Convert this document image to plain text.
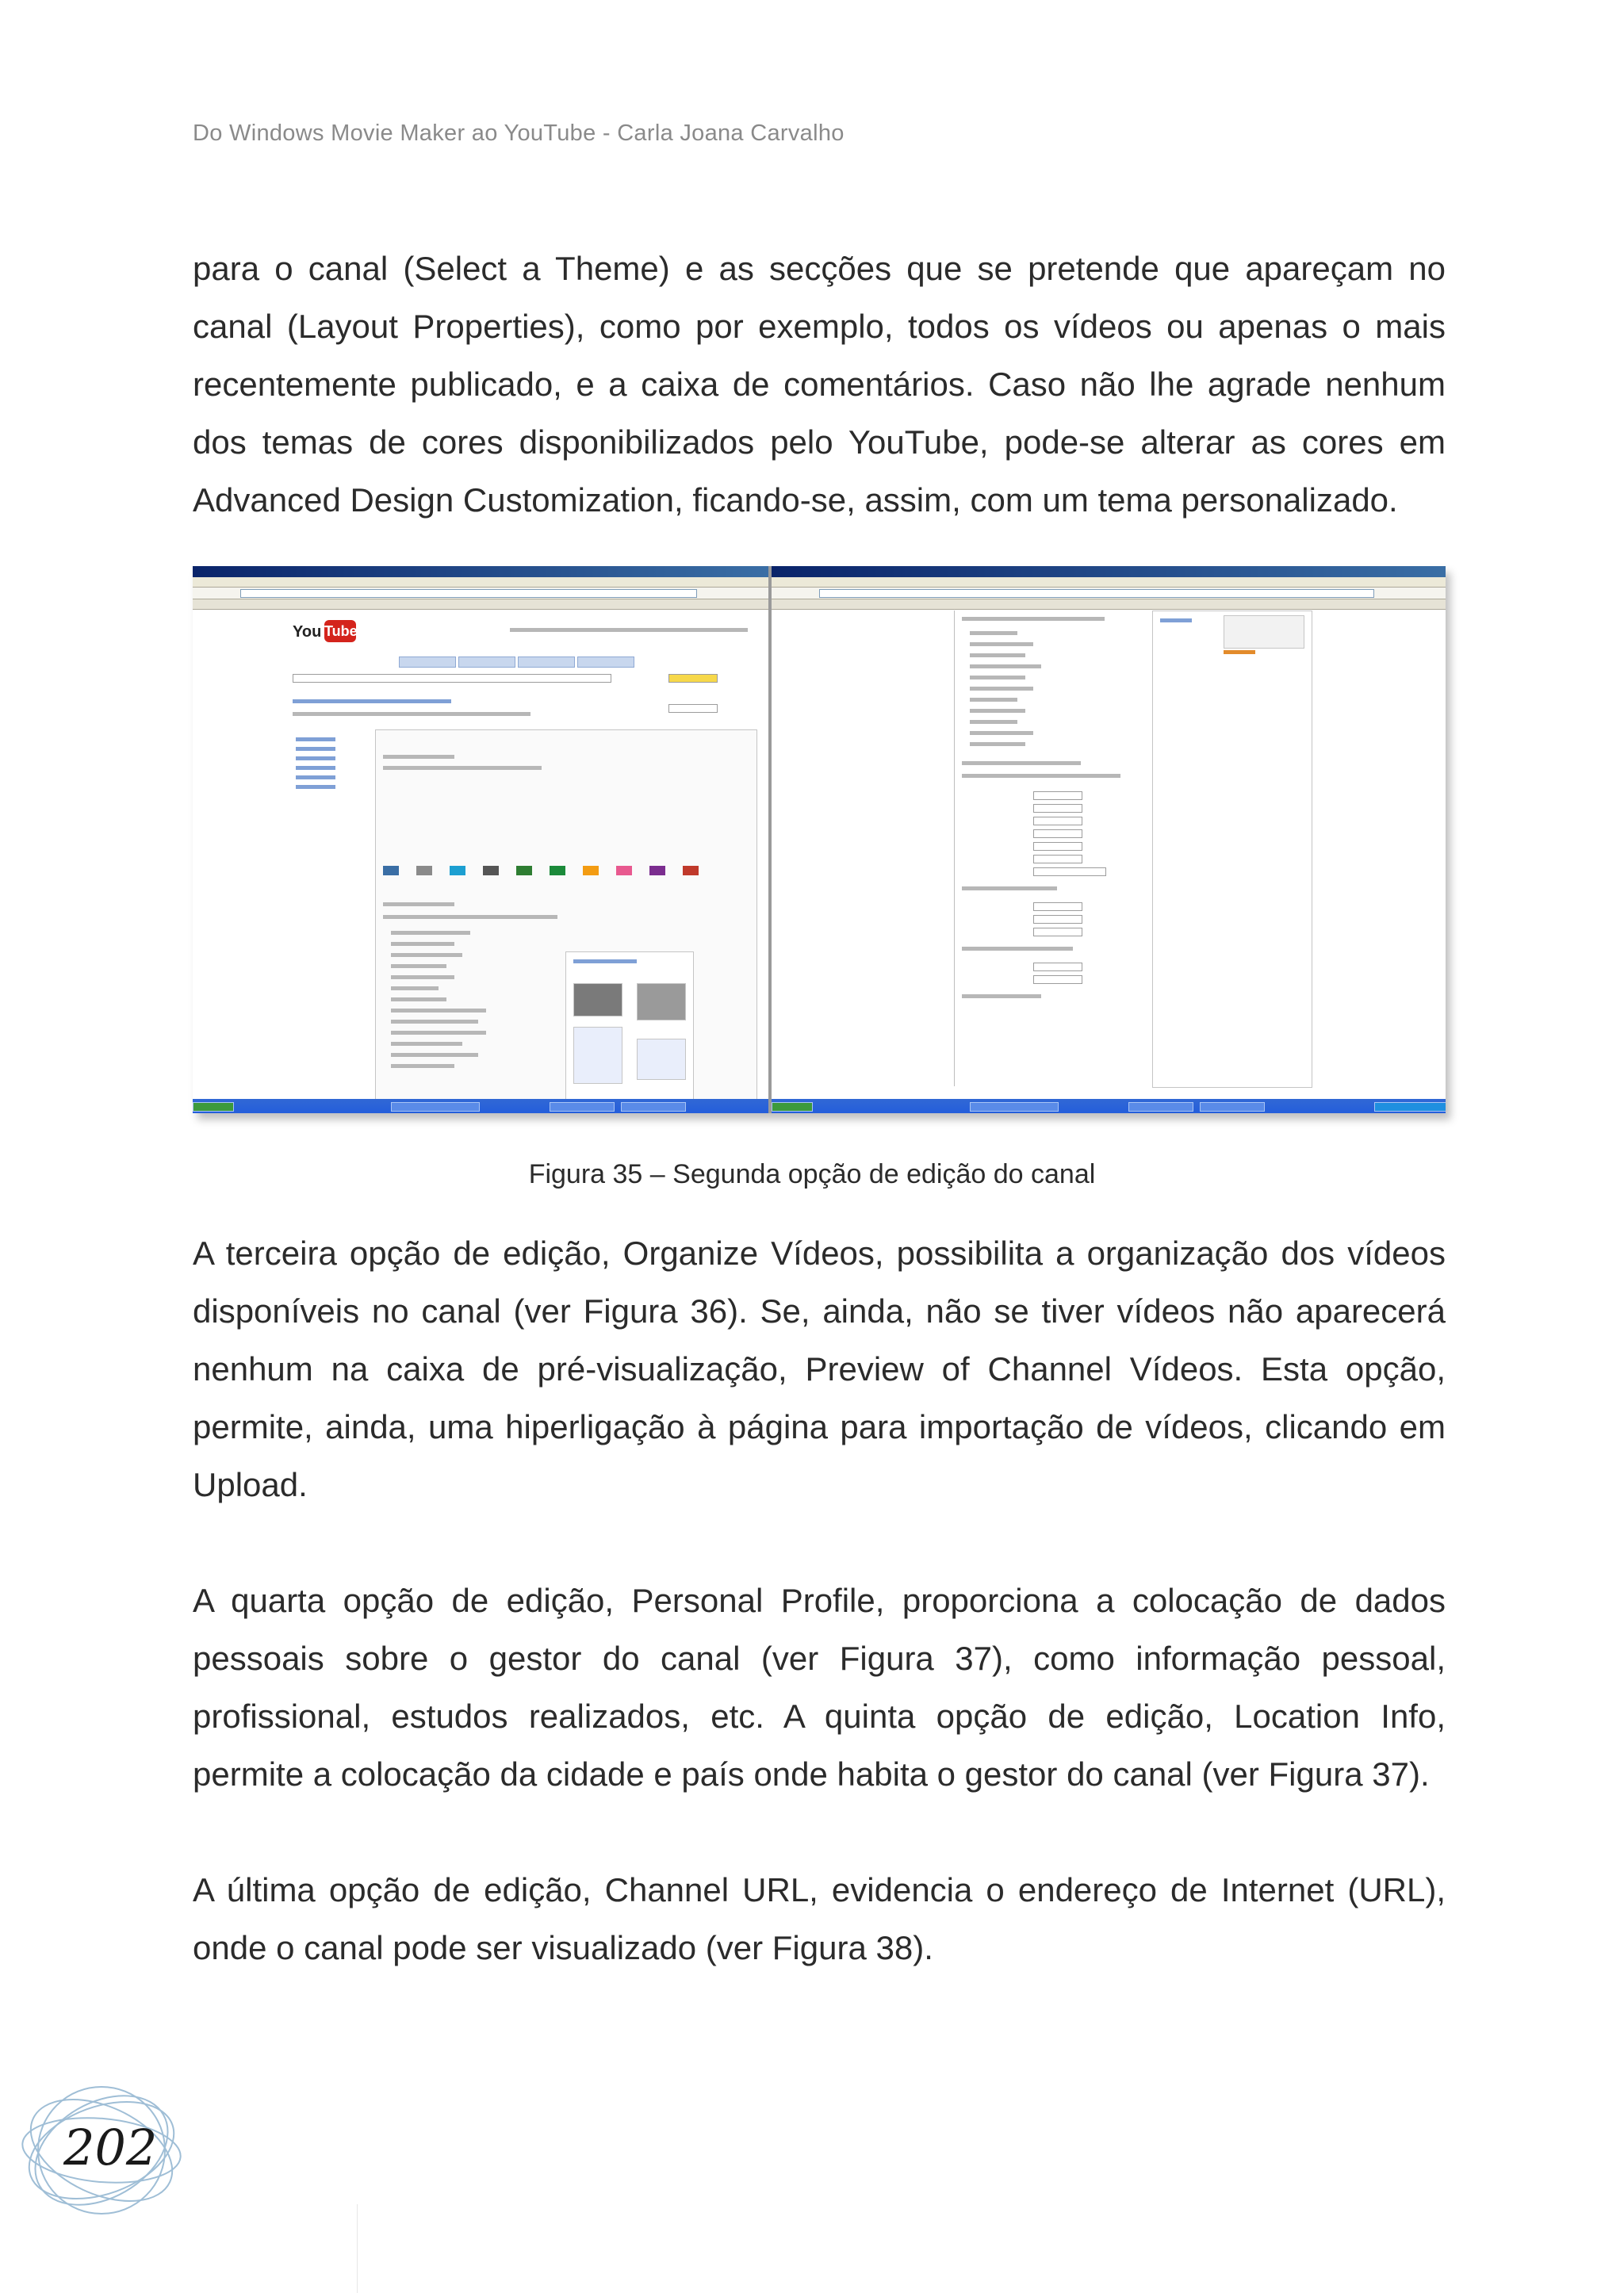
Do Windows Movie Maker ao YouTube - Carla Joana Carvalho

para o canal (Select a Theme) e as secções que se pretende que apareçam no canal (Layout Properties), como por exemplo, todos os vídeos ou apenas o mais recentemente publicado, e a caixa de comentários. Caso não lhe agrade nenhum dos temas de cores disponibilizados pelo YouTube, pode-se alterar as cores em Advanced Design Customization, ficando-se, assim, com um tema personalizado.

You Tube
Figura 35 – Segunda opção de edição do canal

A terceira opção de edição, Organize Vídeos, possibilita a organização dos vídeos disponíveis no canal (ver Figura 36). Se, ainda, não se tiver vídeos não aparecerá nenhum na caixa de pré-visualização, Preview of Channel Vídeos. Esta opção, permite, ainda, uma hiperligação à página para importação de vídeos, clicando em Upload.

A quarta opção de edição, Personal Profile, proporciona a colocação de dados pessoais sobre o gestor do canal (ver Figura 37), como informação pessoal, profissional, estudos realizados, etc. A quinta opção de edição, Location Info, permite a colocação da cidade e país onde habita o gestor do canal (ver Figura 37).

A última opção de edição, Channel URL, evidencia o endereço de Internet (URL), onde o canal pode ser visualizado (ver Figura 38).

202
